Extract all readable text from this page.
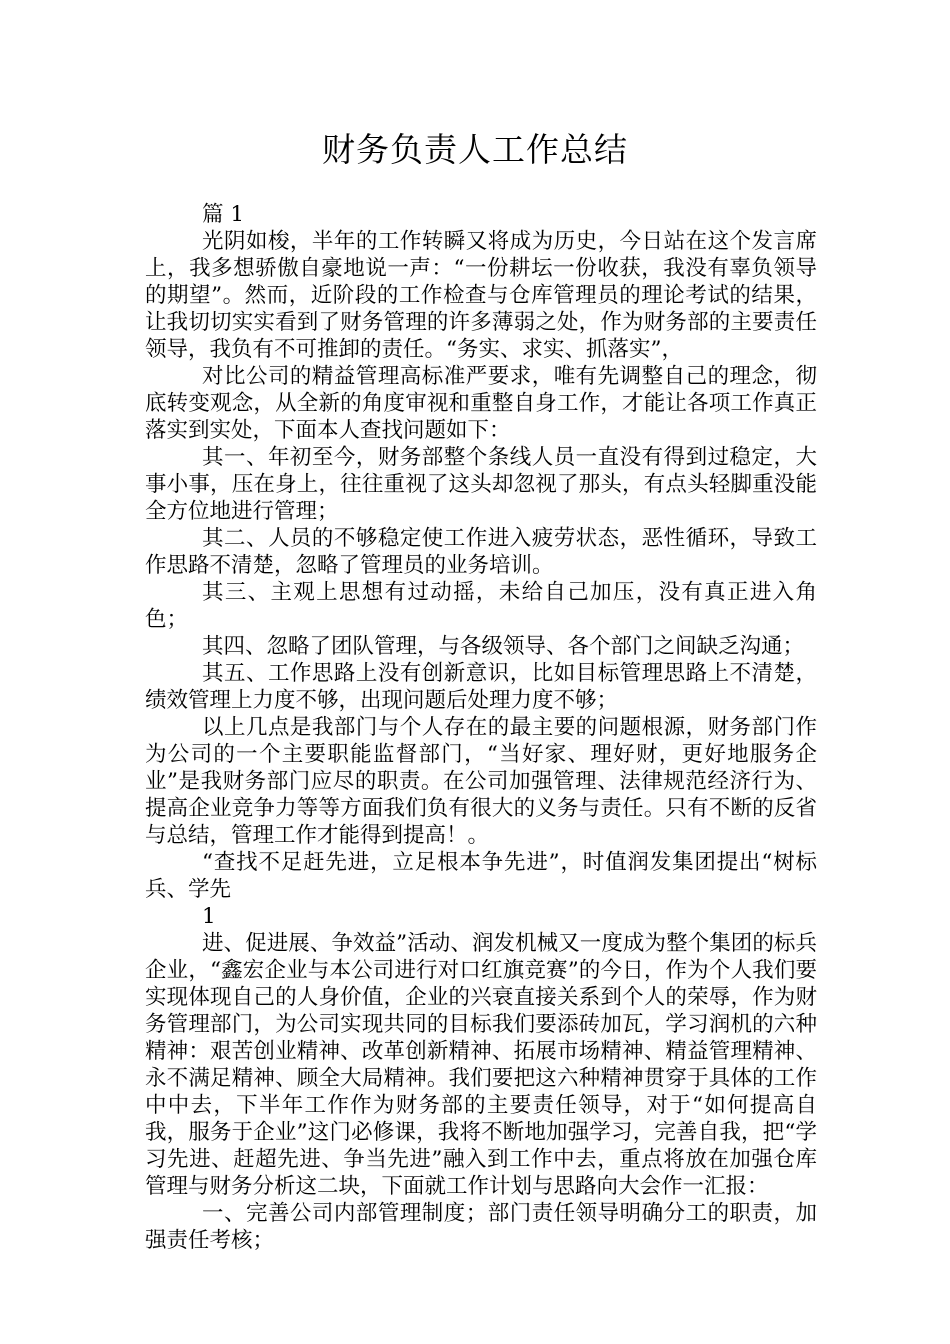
财务负责人工作总结

篇 1

光阴如梭，半年的工作转瞬又将成为历史，今日站在这个发言席上，我多想骄傲自豪地说一声：“一份耕坛一份收获，我没有辜负领导的期望”。然而，近阶段的工作检查与仓库管理员的理论考试的结果，让我切切实实看到了财务管理的许多薄弱之处，作为财务部的主要责任领导，我负有不可推卸的责任。“务实、求实、抓落实”，

对比公司的精益管理高标准严要求，唯有先调整自己的理念，彻底转变观念，从全新的角度审视和重整自身工作，才能让各项工作真正落实到实处，下面本人查找问题如下：

其一、年初至今，财务部整个条线人员一直没有得到过稳定，大事小事，压在身上，往往重视了这头却忽视了那头，有点头轻脚重没能全方位地进行管理；

其二、人员的不够稳定使工作进入疲劳状态，恶性循环，导致工作思路不清楚，忽略了管理员的业务培训。

其三、主观上思想有过动摇，未给自己加压，没有真正进入角色；

其四、忽略了团队管理，与各级领导、各个部门之间缺乏沟通；

其五、工作思路上没有创新意识，比如目标管理思路上不清楚，绩效管理上力度不够，出现问题后处理力度不够；

以上几点是我部门与个人存在的最主要的问题根源，财务部门作为公司的一个主要职能监督部门，“当好家、理好财，更好地服务企业”是我财务部门应尽的职责。在公司加强管理、法律规范经济行为、提高企业竞争力等等方面我们负有很大的义务与责任。只有不断的反省与总结，管理工作才能得到提高！。

“查找不足赶先进，立足根本争先进”，时值润发集团提出“树标兵、学先

1

进、促进展、争效益”活动、润发机械又一度成为整个集团的标兵企业，“鑫宏企业与本公司进行对口红旗竞赛”的今日，作为个人我们要实现体现自己的人身价值，企业的兴衰直接关系到个人的荣辱，作为财务管理部门，为公司实现共同的目标我们要添砖加瓦，学习润机的六种精神：艰苦创业精神、改革创新精神、拓展市场精神、精益管理精神、永不满足精神、顾全大局精神。我们要把这六种精神贯穿于具体的工作中中去，下半年工作作为财务部的主要责任领导，对于“如何提高自我，服务于企业”这门必修课，我将不断地加强学习，完善自我，把“学习先进、赶超先进、争当先进”融入到工作中去，重点将放在加强仓库管理与财务分析这二块，下面就工作计划与思路向大会作一汇报：

一、完善公司内部管理制度；部门责任领导明确分工的职责，加强责任考核；
